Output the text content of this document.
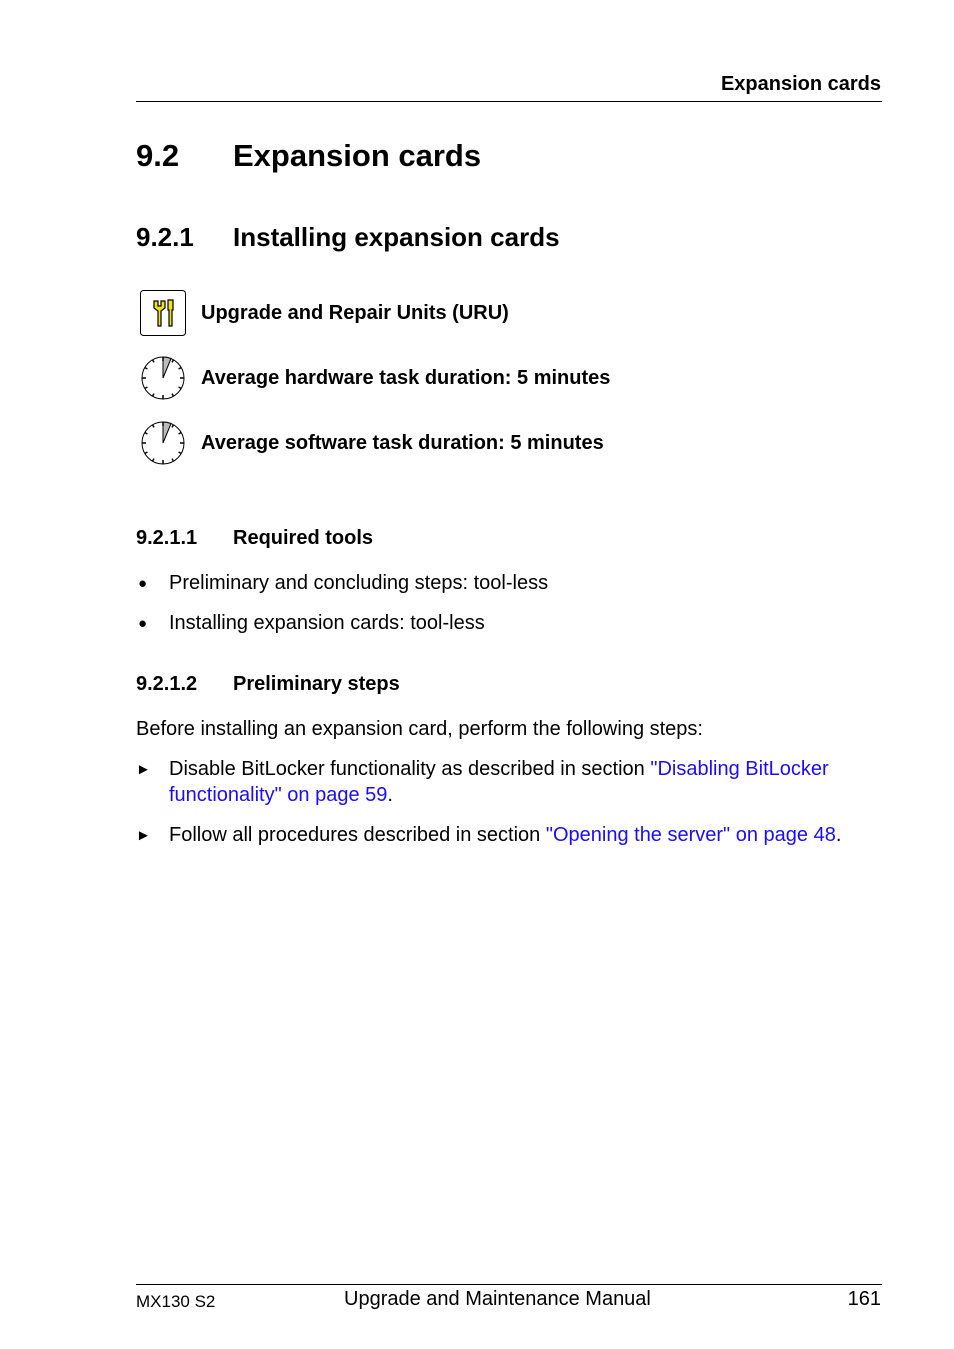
Expansion cards
9.2 Expansion cards
9.2.1 Installing expansion cards
Upgrade and Repair Units (URU)
Average hardware task duration: 5 minutes
Average software task duration: 5 minutes
9.2.1.1 Required tools
● Preliminary and concluding steps: tool-less
● Installing expansion cards: tool-less
9.2.1.2 Preliminary steps
Before installing an expansion card, perform the following steps:
► Disable BitLocker functionality as described in section "Disabling BitLocker
functionality" on page 59.
► Follow all procedures described in section "Opening the server" on page 48.
MX130 S2	Upgrade and Maintenance Manual	161
